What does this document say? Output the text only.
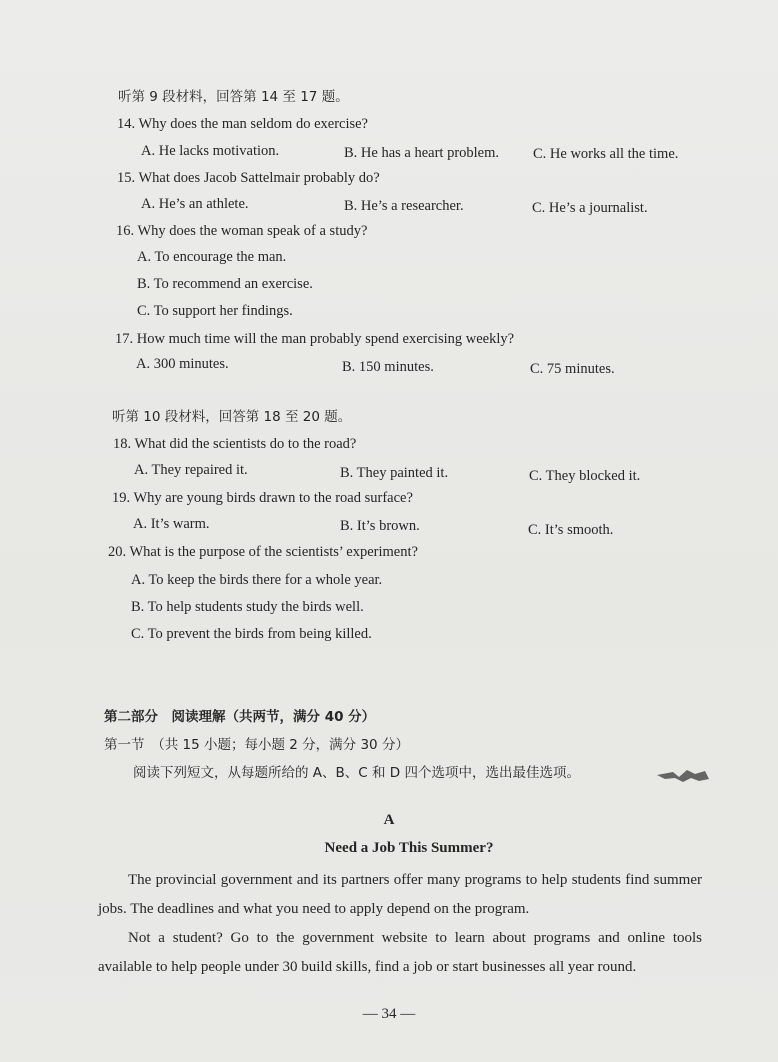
听第 9 段材料，回答第 14 至 17 题。
14. Why does the man seldom do exercise?
A. He lacks motivation.	B. He has a heart problem. C. He works all the time.
15. What does Jacob Sattelmair probably do?
A. He’s an athlete.	B. He’s a researcher.	C. He’s a journalist.
16. Why does the woman speak of a study?
A. To encourage the man.
B. To recommend an exercise.
C. To support her findings.
17. How much time will the man probably spend exercising weekly?
A. 300 minutes.	B. 150 minutes.	C. 75 minutes.
听第 10 段材料，回答第 18 至 20 题。
18. What did the scientists do to the road?
A. They repaired it.	B. They painted it.	C. They blocked it.
19. Why are young birds drawn to the road surface?
A. It’s warm.	B. It’s brown.	C. It’s smooth.
20. What is the purpose of the scientists’ experiment?
A. To keep the birds there for a whole year.
B. To help students study the birds well.
C. To prevent the birds from being killed.
第二部分　阅读理解（共两节，满分 40 分）
第一节　（共 15 小题；每小题 2 分，满分 30 分）
阅读下列短文，从每题所给的 A、B、C 和 D 四个选项中，选出最佳选项。
A
Need a Job This Summer?
The provincial government and its partners offer many programs to help students find summer jobs. The deadlines and what you need to apply depend on the program.
Not a student? Go to the government website to learn about programs and online tools available to help people under 30 build skills, find a job or start businesses all year round.
— 34 —
